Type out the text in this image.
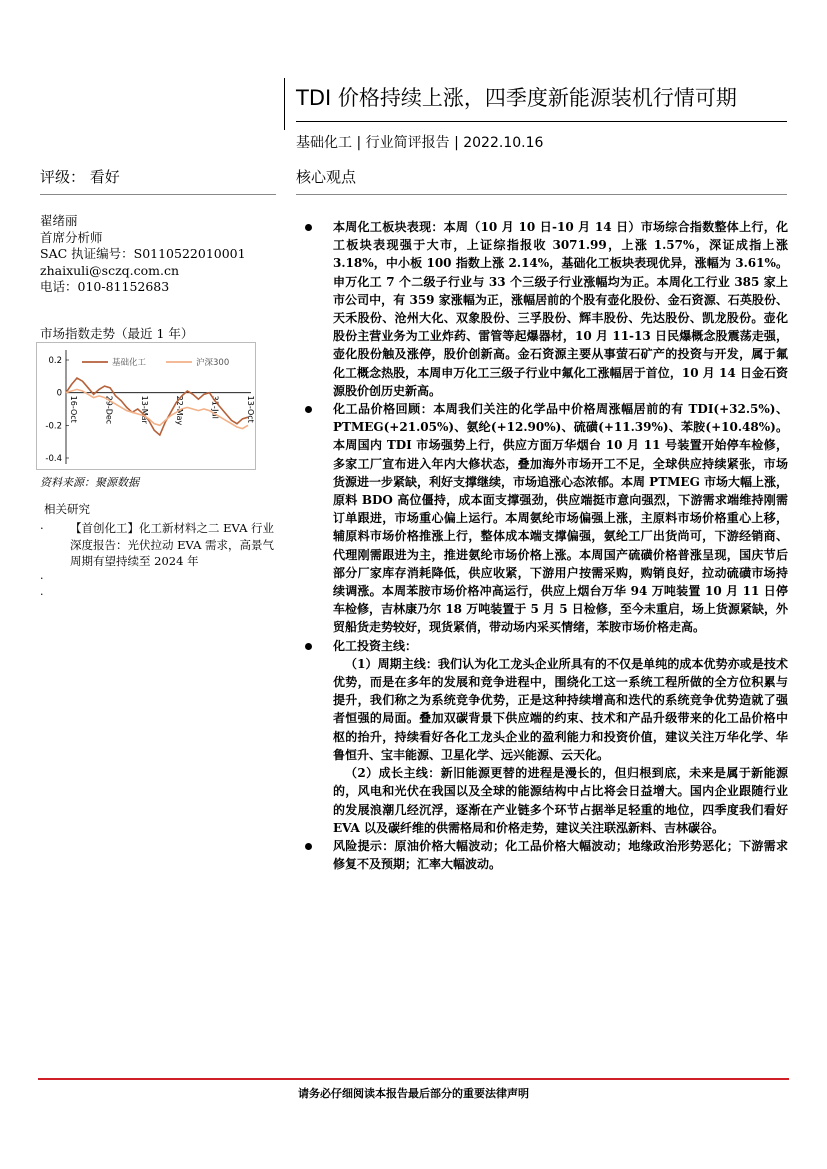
TDI 价格持续上涨，四季度新能源装机行情可期
基础化工 | 行业简评报告 | 2022.10.16
评级： 看好	核心观点
翟绪丽
首席分析师
SAC 执证编号：S0110522010001
zhaixuli@sczq.com.cn
电话：010-81152683
市场指数走势（最近 1 年）
0.2
0
-0.2
-0.4
16-Oct	29-Dec	13-Mar	22-May	31-Jul	13-Oct
基础化工	沪深300
资料来源：聚源数据
相关研究
· 【首创化工】化工新材料之二 EVA 行业深度报告：光伏拉动 EVA 需求，高景气周期有望持续至 2024 年
·
·
本周化工板块表现：本周（10 月 10 日-10 月 14 日）市场综合指数整体上行，化工板块表现强于大市，上证综指报收 3071.99，上涨 1.57%，深证成指上涨 3.18%，中小板 100 指数上涨 2.14%，基础化工板块表现优异，涨幅为 3.61%。申万化工 7 个二级子行业与 33 个三级子行业涨幅均为正。本周化工行业 385 家上市公司中，有 359 家涨幅为正，涨幅居前的个股有壶化股份、金石资源、石英股份、天禾股份、沧州大化、双象股份、三孚股份、辉丰股份、先达股份、凯龙股份。壶化股份主营业务为工业炸药、雷管等起爆器材，10 月 11-13 日民爆概念股震荡走强，壶化股份触及涨停，股价创新高。金石资源主要从事萤石矿产的投资与开发，属于氟化工概念热股，本周申万化工三级子行业中氟化工涨幅居于首位，10 月 14 日金石资源股价创历史新高。
化工品价格回顾：本周我们关注的化学品中价格周涨幅居前的有 TDI(+32.5%)、PTMEG(+21.05%)、氨纶(+12.90%)、硫磺(+11.39%)、苯胺(+10.48%)。本周国内 TDI 市场强势上行，供应方面万华烟台 10 月 11 号装置开始停车检修，多家工厂宣布进入年内大修状态，叠加海外市场开工不足，全球供应持续紧张，市场货源进一步紧缺，利好支撑继续，市场追涨心态浓郁。本周 PTMEG 市场大幅上涨，原料 BDO 高位僵持，成本面支撑强劲，供应端挺市意向强烈，下游需求端维持刚需订单跟进，市场重心偏上运行。本周氨纶市场偏强上涨，主原料市场价格重心上移，辅原料市场价格推涨上行，整体成本端支撑偏强，氨纶工厂出货尚可，下游经销商、代理刚需跟进为主，推进氨纶市场价格上涨。本周国产硫磺价格普涨呈现，国庆节后部分厂家库存消耗降低，供应收紧，下游用户按需采购，购销良好，拉动硫磺市场持续调涨。本周苯胺市场价格冲高运行，供应上烟台万华 94 万吨装置 10 月 11 日停车检修，吉林康乃尔 18 万吨装置于 5 月 5 日检修，至今未重启，场上货源紧缺，外贸船货走势较好，现货紧俏，带动场内采买情绪，苯胺市场价格走高。
化工投资主线：
（1）周期主线：我们认为化工龙头企业所具有的不仅是单纯的成本优势亦或是技术优势，而是在多年的发展和竞争进程中，围绕化工这一系统工程所做的全方位积累与提升，我们称之为系统竞争优势，正是这种持续增高和迭代的系统竞争优势造就了强者恒强的局面。叠加双碳背景下供应端的约束、技术和产品升级带来的化工品价格中枢的抬升，持续看好各化工龙头企业的盈利能力和投资价值，建议关注万华化学、华鲁恒升、宝丰能源、卫星化学、远兴能源、云天化。
（2）成长主线：新旧能源更替的进程是漫长的，但归根到底，未来是属于新能源的，风电和光伏在我国以及全球的能源结构中占比将会日益增大。国内企业跟随行业的发展浪潮几经沉浮，逐渐在产业链多个环节占据举足轻重的地位，四季度我们看好 EVA 以及碳纤维的供需格局和价格走势，建议关注联泓新料、吉林碳谷。
风险提示：原油价格大幅波动；化工品价格大幅波动；地缘政治形势恶化；下游需求修复不及预期；汇率大幅波动。
请务必仔细阅读本报告最后部分的重要法律声明
